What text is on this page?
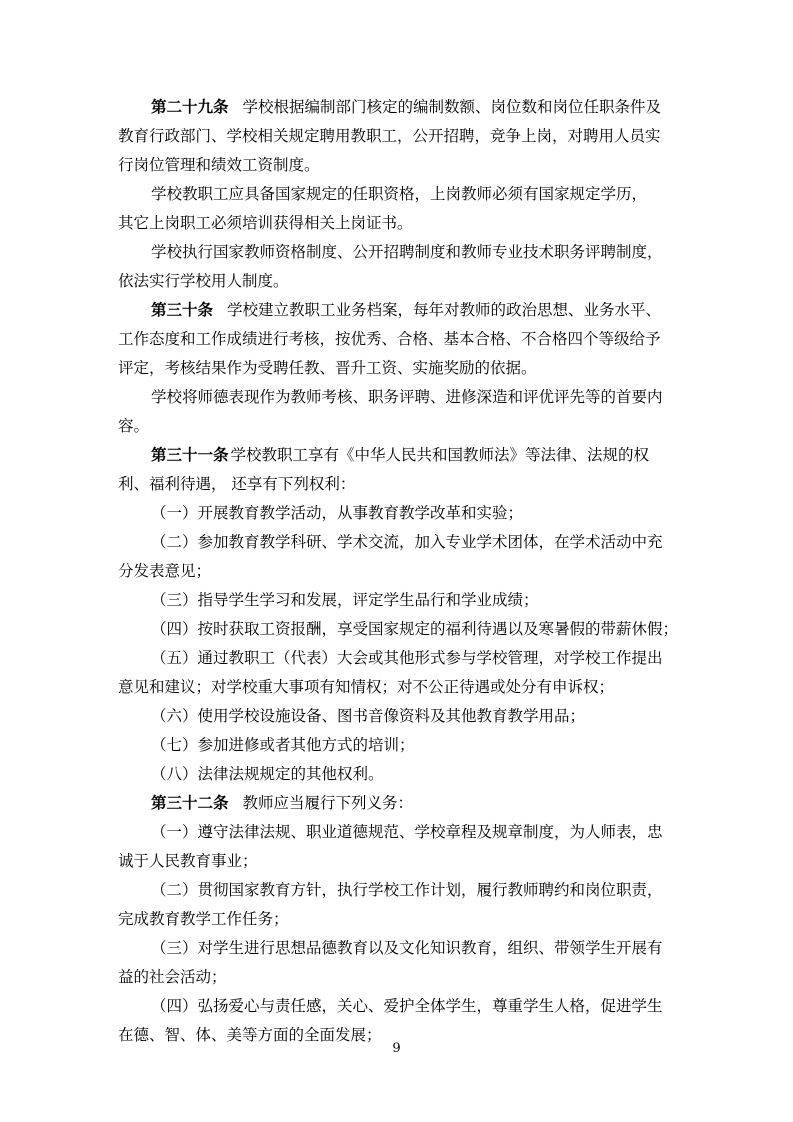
第二十九条 学校根据编制部门核定的编制数额、岗位数和岗位任职条件及
教育行政部门、学校相关规定聘用教职工，公开招聘，竞争上岗，对聘用人员实
行岗位管理和绩效工资制度。
学校教职工应具备国家规定的任职资格，上岗教师必须有国家规定学历，
其它上岗职工必须培训获得相关上岗证书。
学校执行国家教师资格制度、公开招聘制度和教师专业技术职务评聘制度，
依法实行学校用人制度。
第三十条 学校建立教职工业务档案，每年对教师的政治思想、业务水平、
工作态度和工作成绩进行考核，按优秀、合格、基本合格、不合格四个等级给予
评定，考核结果作为受聘任教、晋升工资、实施奖励的依据。
学校将师德表现作为教师考核、职务评聘、进修深造和评优评先等的首要内
容。
第三十一条 学校教职工享有《中华人民共和国教师法》等法律、法规的权
利、福利待遇， 还享有下列权利：
（一）开展教育教学活动，从事教育教学改革和实验；
（二）参加教育教学科研、学术交流，加入专业学术团体，在学术活动中充
分发表意见；
（三）指导学生学习和发展，评定学生品行和学业成绩；
（四）按时获取工资报酬，享受国家规定的福利待遇以及寒暑假的带薪休假；
（五）通过教职工（代表）大会或其他形式参与学校管理，对学校工作提出
意见和建议；对学校重大事项有知情权；对不公正待遇或处分有申诉权；
（六）使用学校设施设备、图书音像资料及其他教育教学用品；
（七）参加进修或者其他方式的培训；
（八）法律法规规定的其他权利。
第三十二条 教师应当履行下列义务：
（一）遵守法律法规、职业道德规范、学校章程及规章制度，为人师表，忠
诚于人民教育事业；
（二）贯彻国家教育方针，执行学校工作计划，履行教师聘约和岗位职责，
完成教育教学工作任务；
（三）对学生进行思想品德教育以及文化知识教育，组织、带领学生开展有
益的社会活动；
（四）弘扬爱心与责任感，关心、爱护全体学生，尊重学生人格，促进学生
在德、智、体、美等方面的全面发展；
9
